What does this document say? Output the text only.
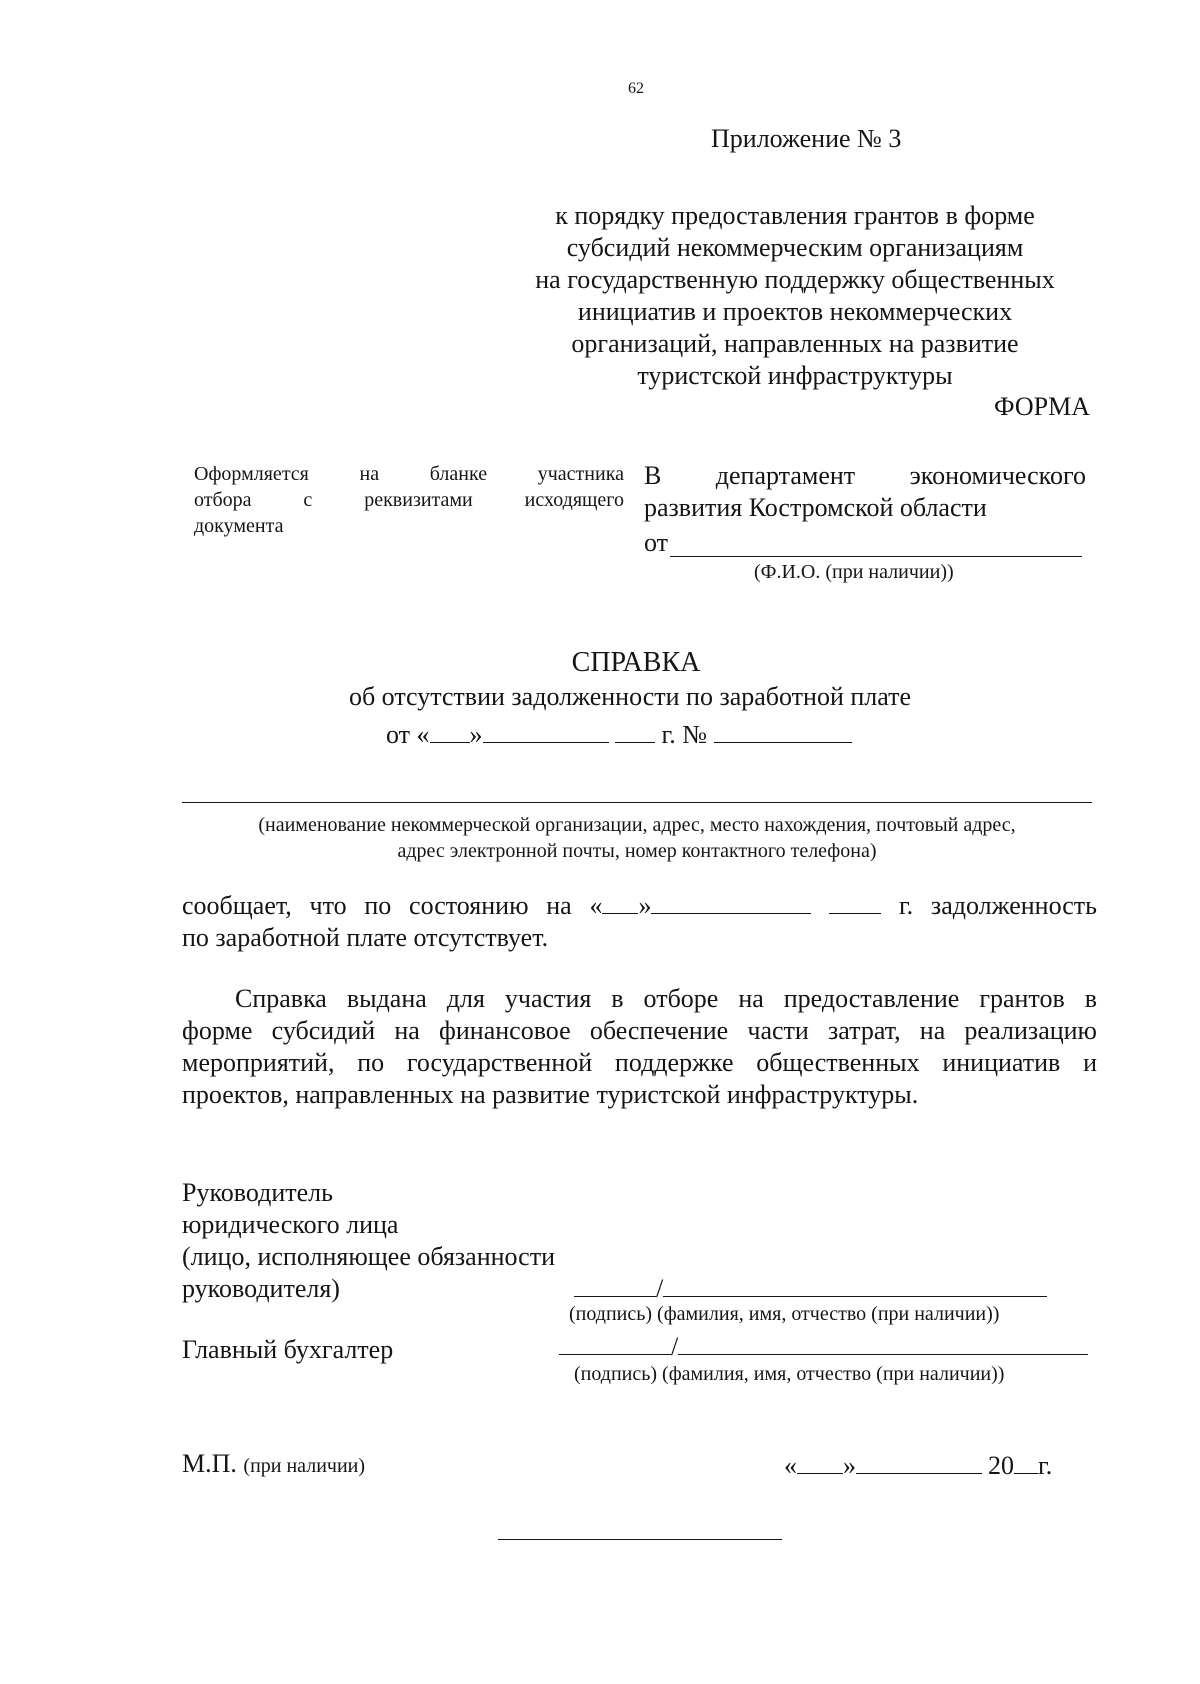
62
Приложение № 3
к порядку предоставления грантов в форме
субсидий некоммерческим организациям
на государственную поддержку общественных
инициатив и проектов некоммерческих
организаций, направленных на развитие
туристской инфраструктуры
ФОРМА
Оформляется на бланке участника
отбора с реквизитами исходящего
документа
В департамент экономического
развития Костромской области
от
(Ф.И.О. (при наличии))
СПРАВКА
об отсутствии задолженности по заработной плате
от « »	г. №
(наименование некоммерческой организации, адрес, место нахождения, почтовый адрес,
адрес электронной почты, номер контактного телефона)
сообщает, что по состоянию на « »	г. задолженность
по заработной плате отсутствует.
Справка выдана для участия в отборе на предоставление грантов в
форме субсидий на финансовое обеспечение части затрат, на реализацию
мероприятий, по государственной поддержке общественных инициатив и
проектов, направленных на развитие туристской инфраструктуры.
Руководитель
юридического лица
(лицо, исполняющее обязанности
руководителя)	/
(подпись) (фамилия, имя, отчество (при наличии))
Главный бухгалтер	/
(подпись) (фамилия, имя, отчество (при наличии))
М.П. (при наличии)	« »	20 г.
